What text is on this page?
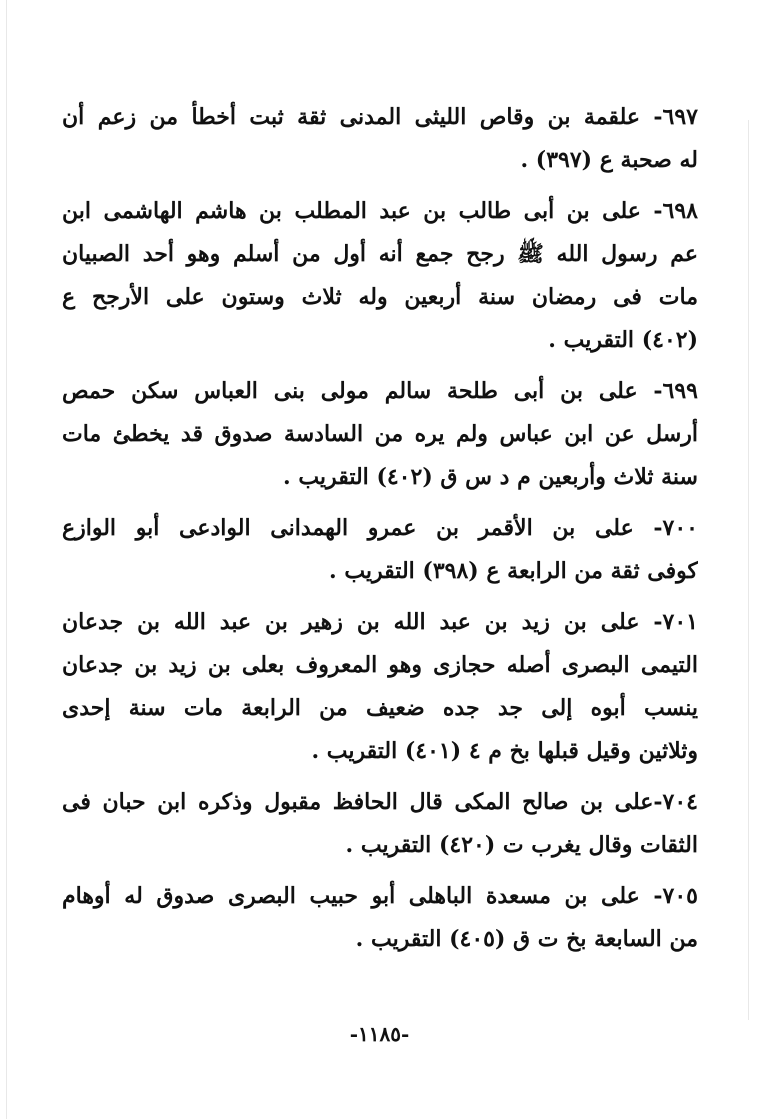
٦٩٧- علقمة بن وقاص الليثى المدنى ثقة ثبت أخطأ من زعم أن
له صحبة ع (٣٩٧) .
٦٩٨- على بن أبى طالب بن عبد المطلب بن هاشم الهاشمى ابن
عم رسول الله ﷺ رجح جمع أنه أول من أسلم وهو أحد الصبيان
مات فى رمضان سنة أربعين وله ثلاث وستون على الأرجح ع
(٤٠٢) التقريب .
٦٩٩- على بن أبى طلحة سالم مولى بنى العباس سكن حمص
أرسل عن ابن عباس ولم يره من السادسة صدوق قد يخطئ مات
سنة ثلاث وأربعين م د س ق (٤٠٢) التقريب .
٧٠٠- على بن الأقمر بن عمرو الهمدانى الوادعى أبو الوازع
كوفى ثقة من الرابعة ع (٣٩٨) التقريب .
٧٠١- على بن زيد بن عبد الله بن زهير بن عبد الله بن جدعان
التيمى البصرى أصله حجازى وهو المعروف بعلى بن زيد بن جدعان
ينسب أبوه إلى جد جده ضعيف من الرابعة مات سنة إحدى
وثلاثين وقيل قبلها بخ م ٤ (٤٠١) التقريب .
٧٠٤-على بن صالح المكى قال الحافظ مقبول وذكره ابن حبان فى
الثقات وقال يغرب ت (٤٢٠) التقريب .
٧٠٥- على بن مسعدة الباهلى أبو حبيب البصرى صدوق له أوهام
من السابعة بخ ت ق (٤٠٥) التقريب .
-١١٨٥-
